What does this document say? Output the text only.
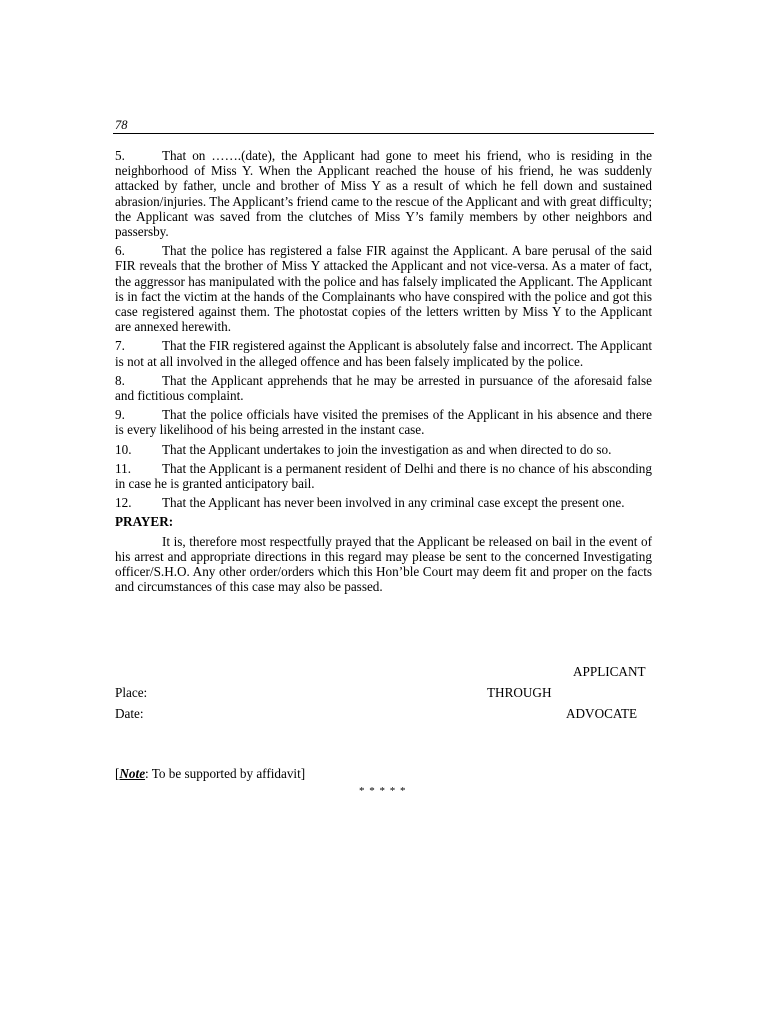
78

5.	That on …….(date), the Applicant had gone to meet his friend, who is residing in the neighborhood of Miss Y. When the Applicant reached the house of his friend, he was suddenly attacked by father, uncle and brother of Miss Y as a result of which he fell down and sustained abrasion/injuries. The Applicant’s friend came to the rescue of the Applicant and with great difficulty; the Applicant was saved from the clutches of Miss Y’s family members by other neighbors and passersby.

6.	That the police has registered a false FIR against the Applicant. A bare perusal of the said FIR reveals that the brother of Miss Y attacked the Applicant and not vice-versa. As a mater of fact, the aggressor has manipulated with the police and has falsely implicated the Applicant. The Applicant is in fact the victim at the hands of the Complainants who have conspired with the police and got this case registered against them. The photostat copies of the letters written by Miss Y to the Applicant are annexed herewith.

7.	That the FIR registered against the Applicant is absolutely false and incorrect. The Applicant is not at all involved in the alleged offence and has been falsely implicated by the police.

8.	That the Applicant apprehends that he may be arrested in pursuance of the aforesaid false and fictitious complaint.

9.	That the police officials have visited the premises of the Applicant in his absence and there is every likelihood of his being arrested in the instant case.

10. That the Applicant undertakes to join the investigation as and when directed to do so.

11. That the Applicant is a permanent resident of Delhi and there is no chance of his absconding in case he is granted anticipatory bail.

12. That the Applicant has never been involved in any criminal case except the present one.

PRAYER:

It is, therefore most respectfully prayed that the Applicant be released on bail in the event of his arrest and appropriate directions in this regard may please be sent to the concerned Investigating officer/S.H.O. Any other order/orders which this Hon’ble Court may deem fit and proper on the facts and circumstances of this case may also be passed.

APPLICANT
Place:	THROUGH
Date:	ADVOCATE
[Note: To be supported by affidavit]
* * * * *
